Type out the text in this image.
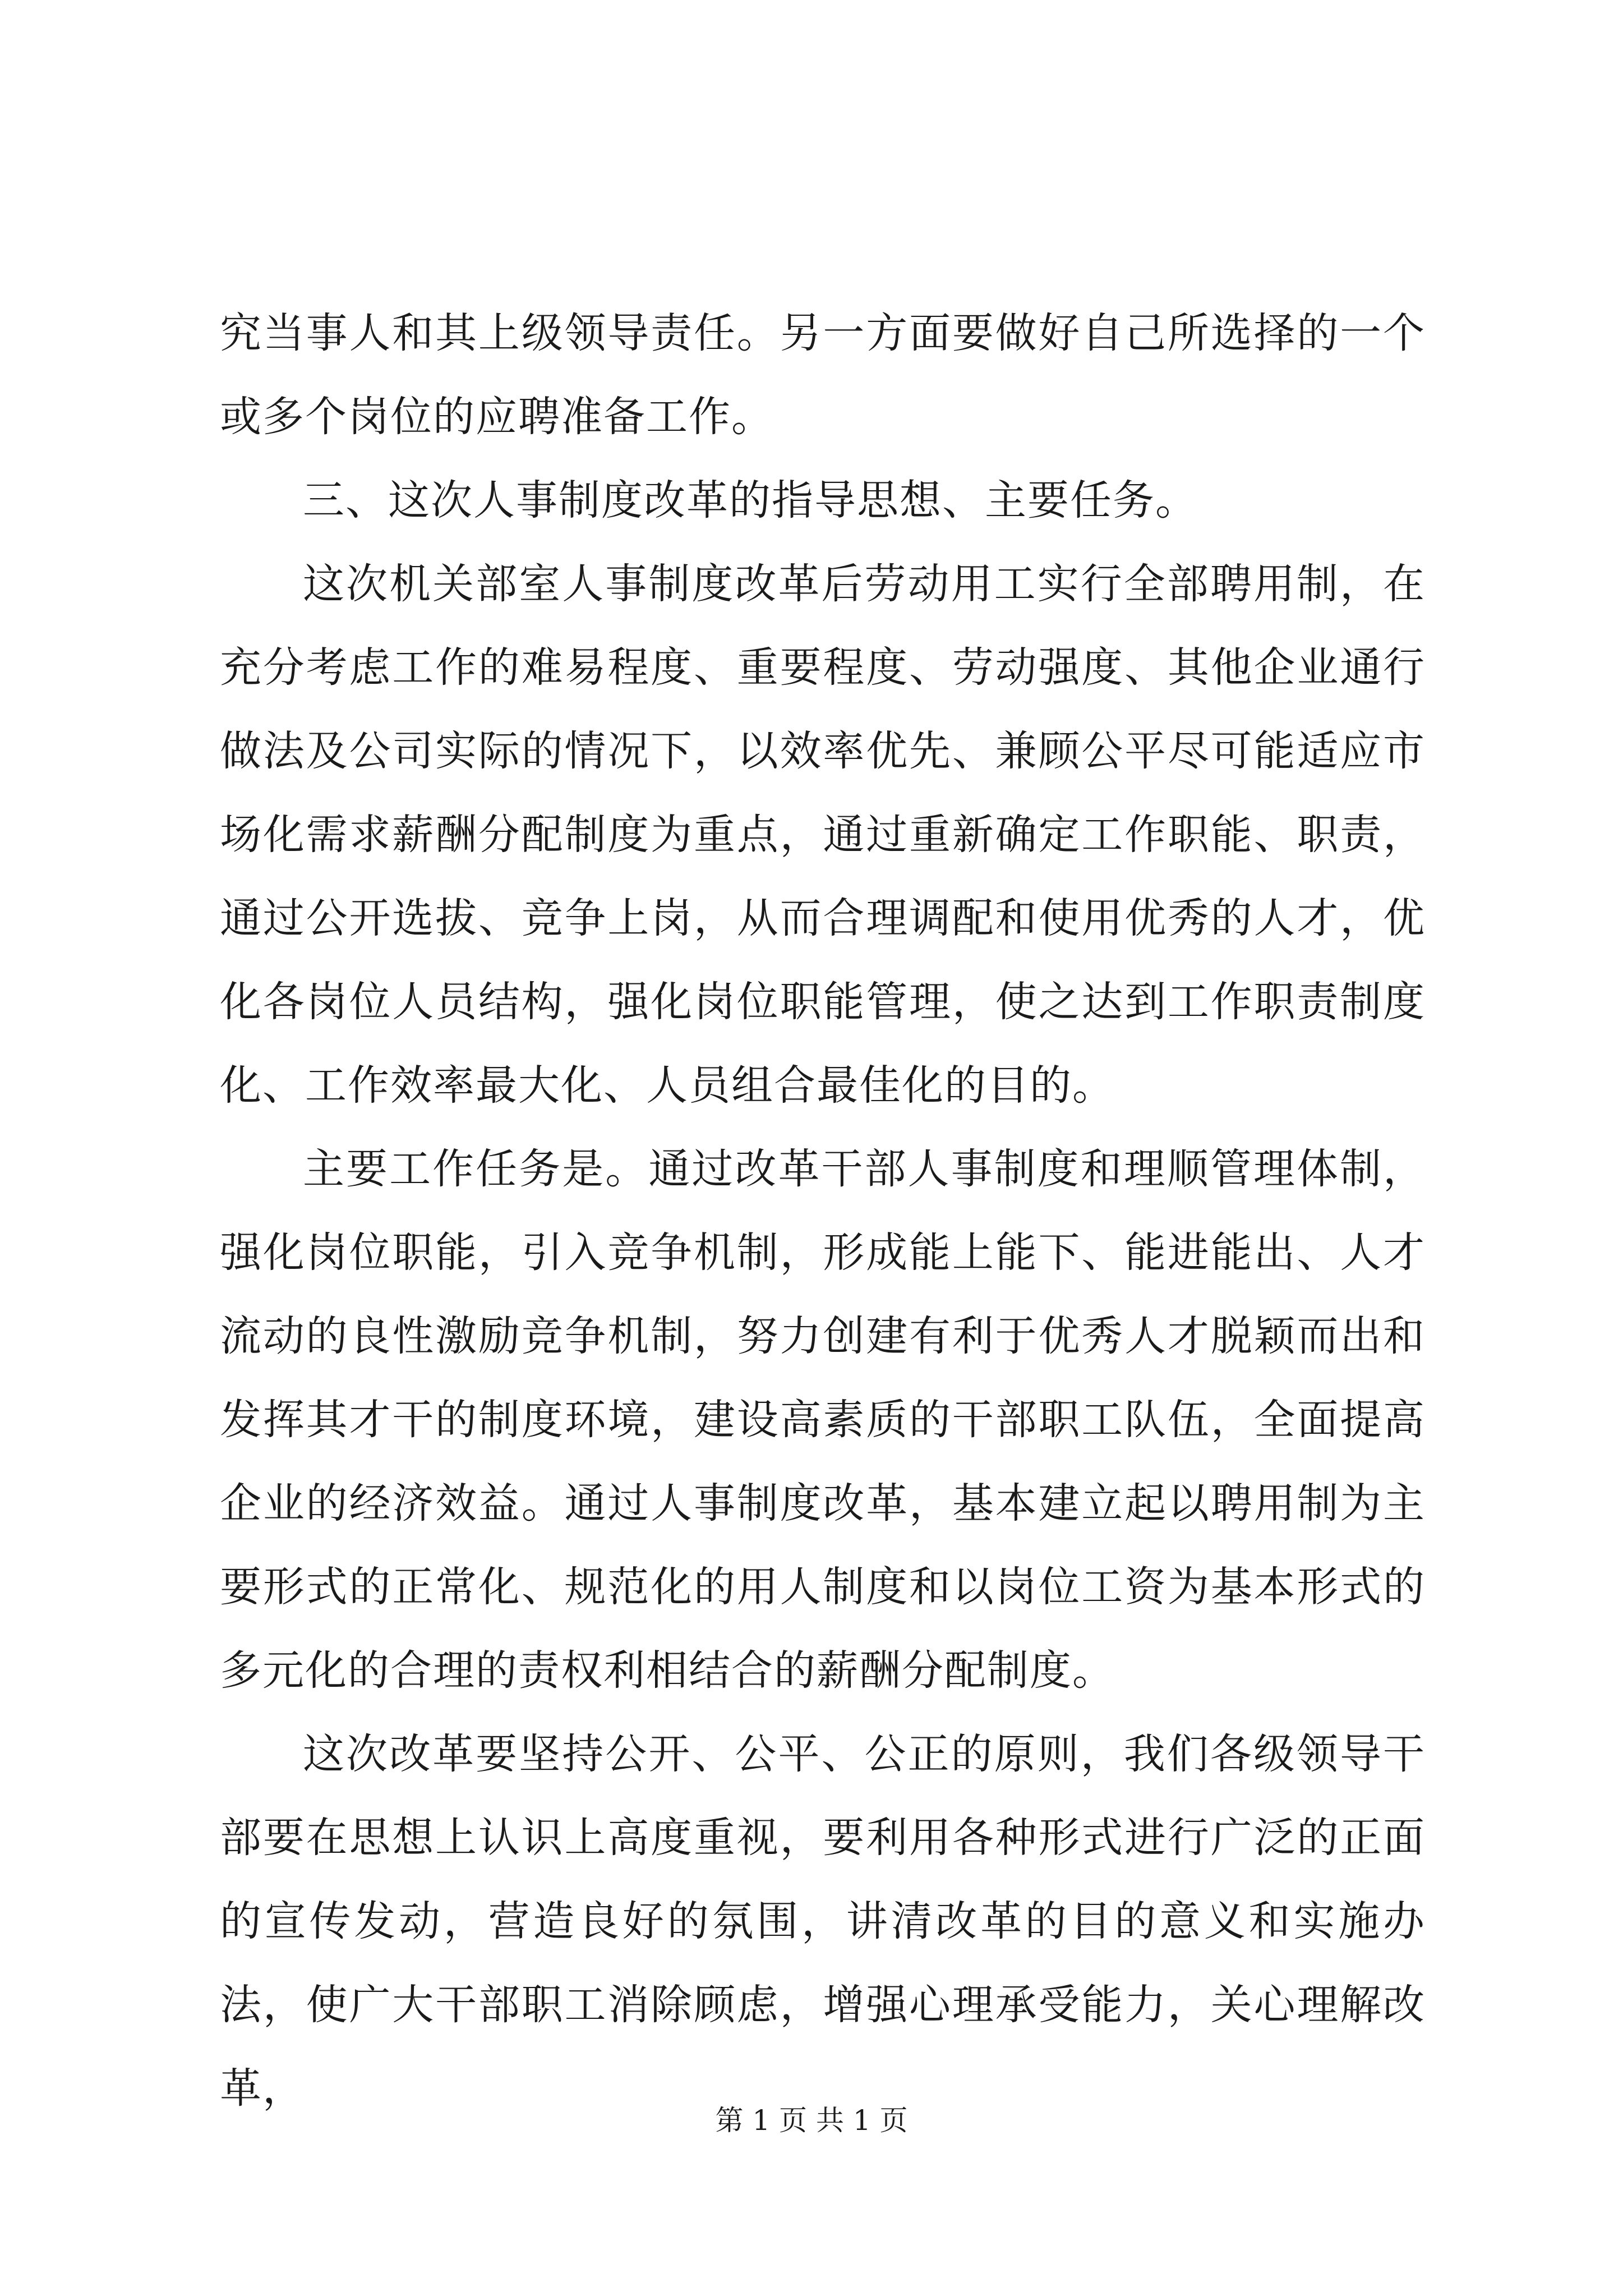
究当事人和其上级领导责任。另一方面要做好自己所选择的一个或多个岗位的应聘准备工作。

三、这次人事制度改革的指导思想、主要任务。

这次机关部室人事制度改革后劳动用工实行全部聘用制，在充分考虑工作的难易程度、重要程度、劳动强度、其他企业通行做法及公司实际的情况下，以效率优先、兼顾公平尽可能适应市场化需求薪酬分配制度为重点，通过重新确定工作职能、职责，通过公开选拔、竞争上岗，从而合理调配和使用优秀的人才，优化各岗位人员结构，强化岗位职能管理，使之达到工作职责制度化、工作效率最大化、人员组合最佳化的目的。

主要工作任务是。通过改革干部人事制度和理顺管理体制，强化岗位职能，引入竞争机制，形成能上能下、能进能出、人才流动的良性激励竞争机制，努力创建有利于优秀人才脱颖而出和发挥其才干的制度环境，建设高素质的干部职工队伍，全面提高企业的经济效益。通过人事制度改革，基本建立起以聘用制为主要形式的正常化、规范化的用人制度和以岗位工资为基本形式的多元化的合理的责权利相结合的薪酬分配制度。

这次改革要坚持公开、公平、公正的原则，我们各级领导干部要在思想上认识上高度重视，要利用各种形式进行广泛的正面的宣传发动，营造良好的氛围，讲清改革的目的意义和实施办法，使广大干部职工消除顾虑，增强心理承受能力，关心理解改革，

第 1 页 共 1 页
